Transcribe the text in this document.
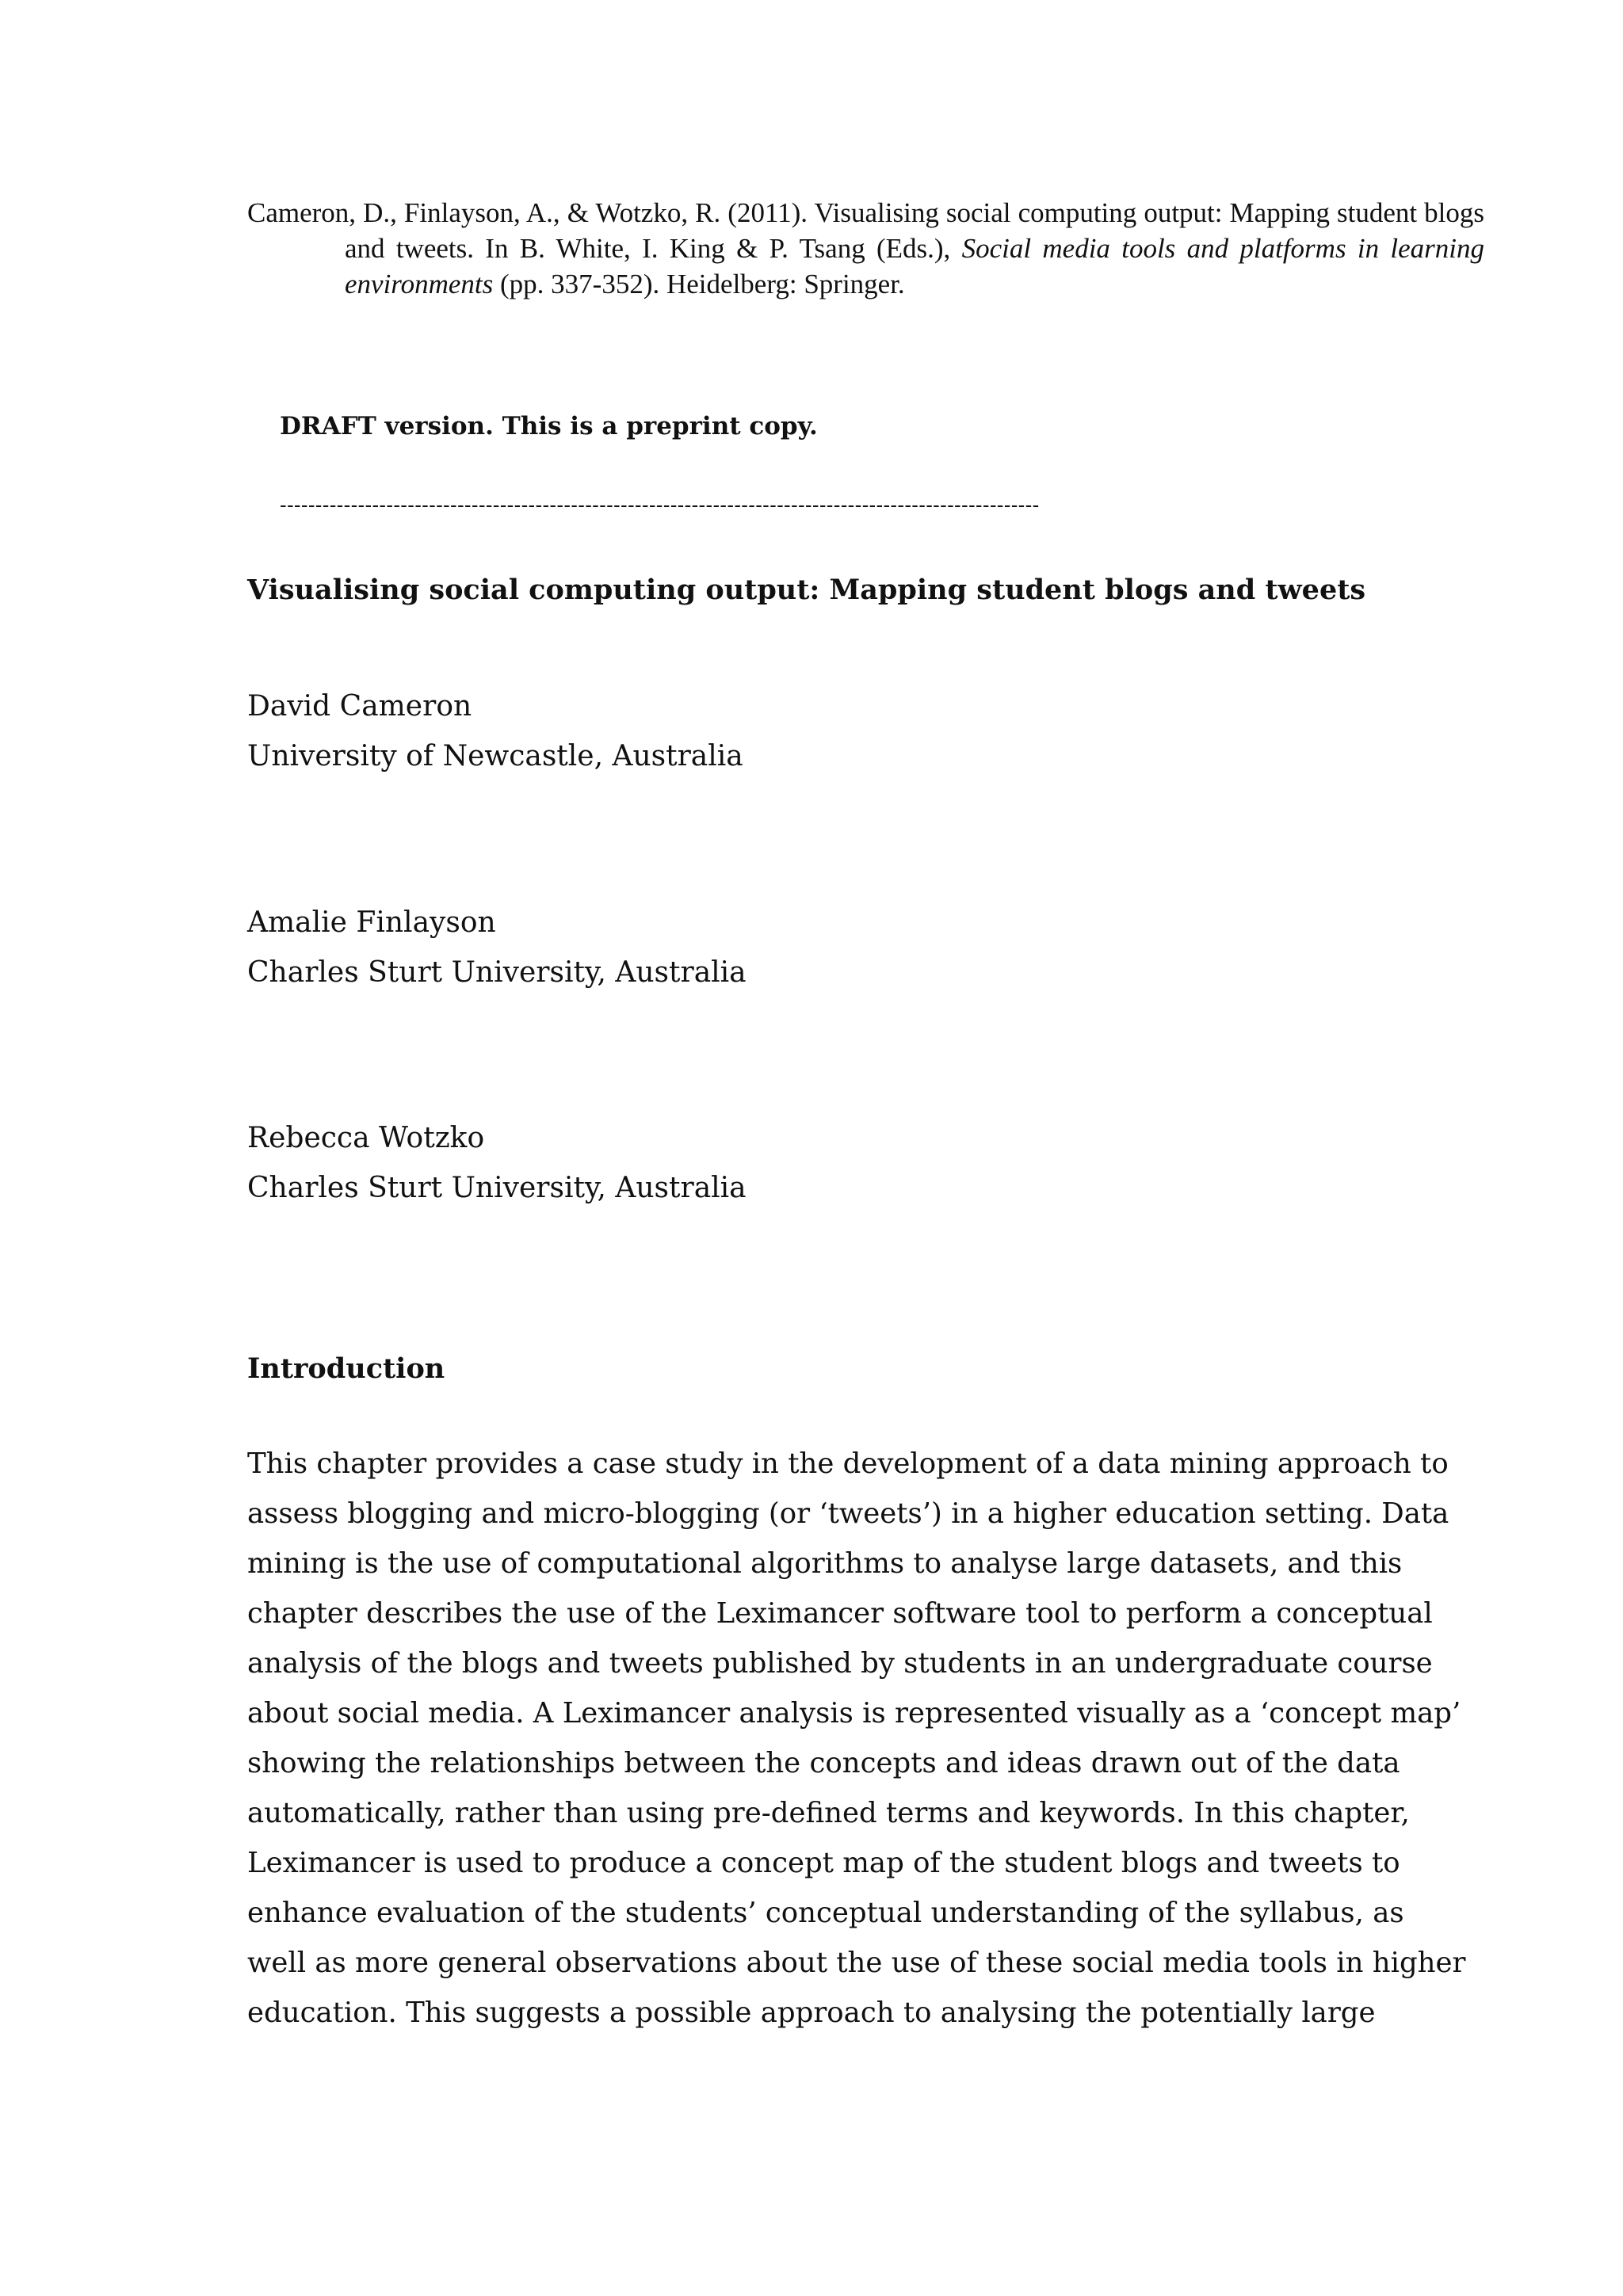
Cameron, D., Finlayson, A., & Wotzko, R. (2011). Visualising social computing output: Mapping student blogs and tweets. In B. White, I. King & P. Tsang (Eds.), Social media tools and platforms in learning environments (pp. 337-352). Heidelberg: Springer.
DRAFT version. This is a preprint copy.
-----------------------------------------------------------------------------------------------------------
Visualising social computing output: Mapping student blogs and tweets
David Cameron
University of Newcastle, Australia
Amalie Finlayson
Charles Sturt University, Australia
Rebecca Wotzko
Charles Sturt University, Australia
Introduction
This chapter provides a case study in the development of a data mining approach to
assess blogging and micro-blogging (or ‘tweets’) in a higher education setting. Data
mining is the use of computational algorithms to analyse large datasets, and this
chapter describes the use of the Leximancer software tool to perform a conceptual
analysis of the blogs and tweets published by students in an undergraduate course
about social media. A Leximancer analysis is represented visually as a ‘concept map’
showing the relationships between the concepts and ideas drawn out of the data
automatically, rather than using pre-defined terms and keywords. In this chapter,
Leximancer is used to produce a concept map of the student blogs and tweets to
enhance evaluation of the students’ conceptual understanding of the syllabus, as
well as more general observations about the use of these social media tools in higher
education. This suggests a possible approach to analysing the potentially large
